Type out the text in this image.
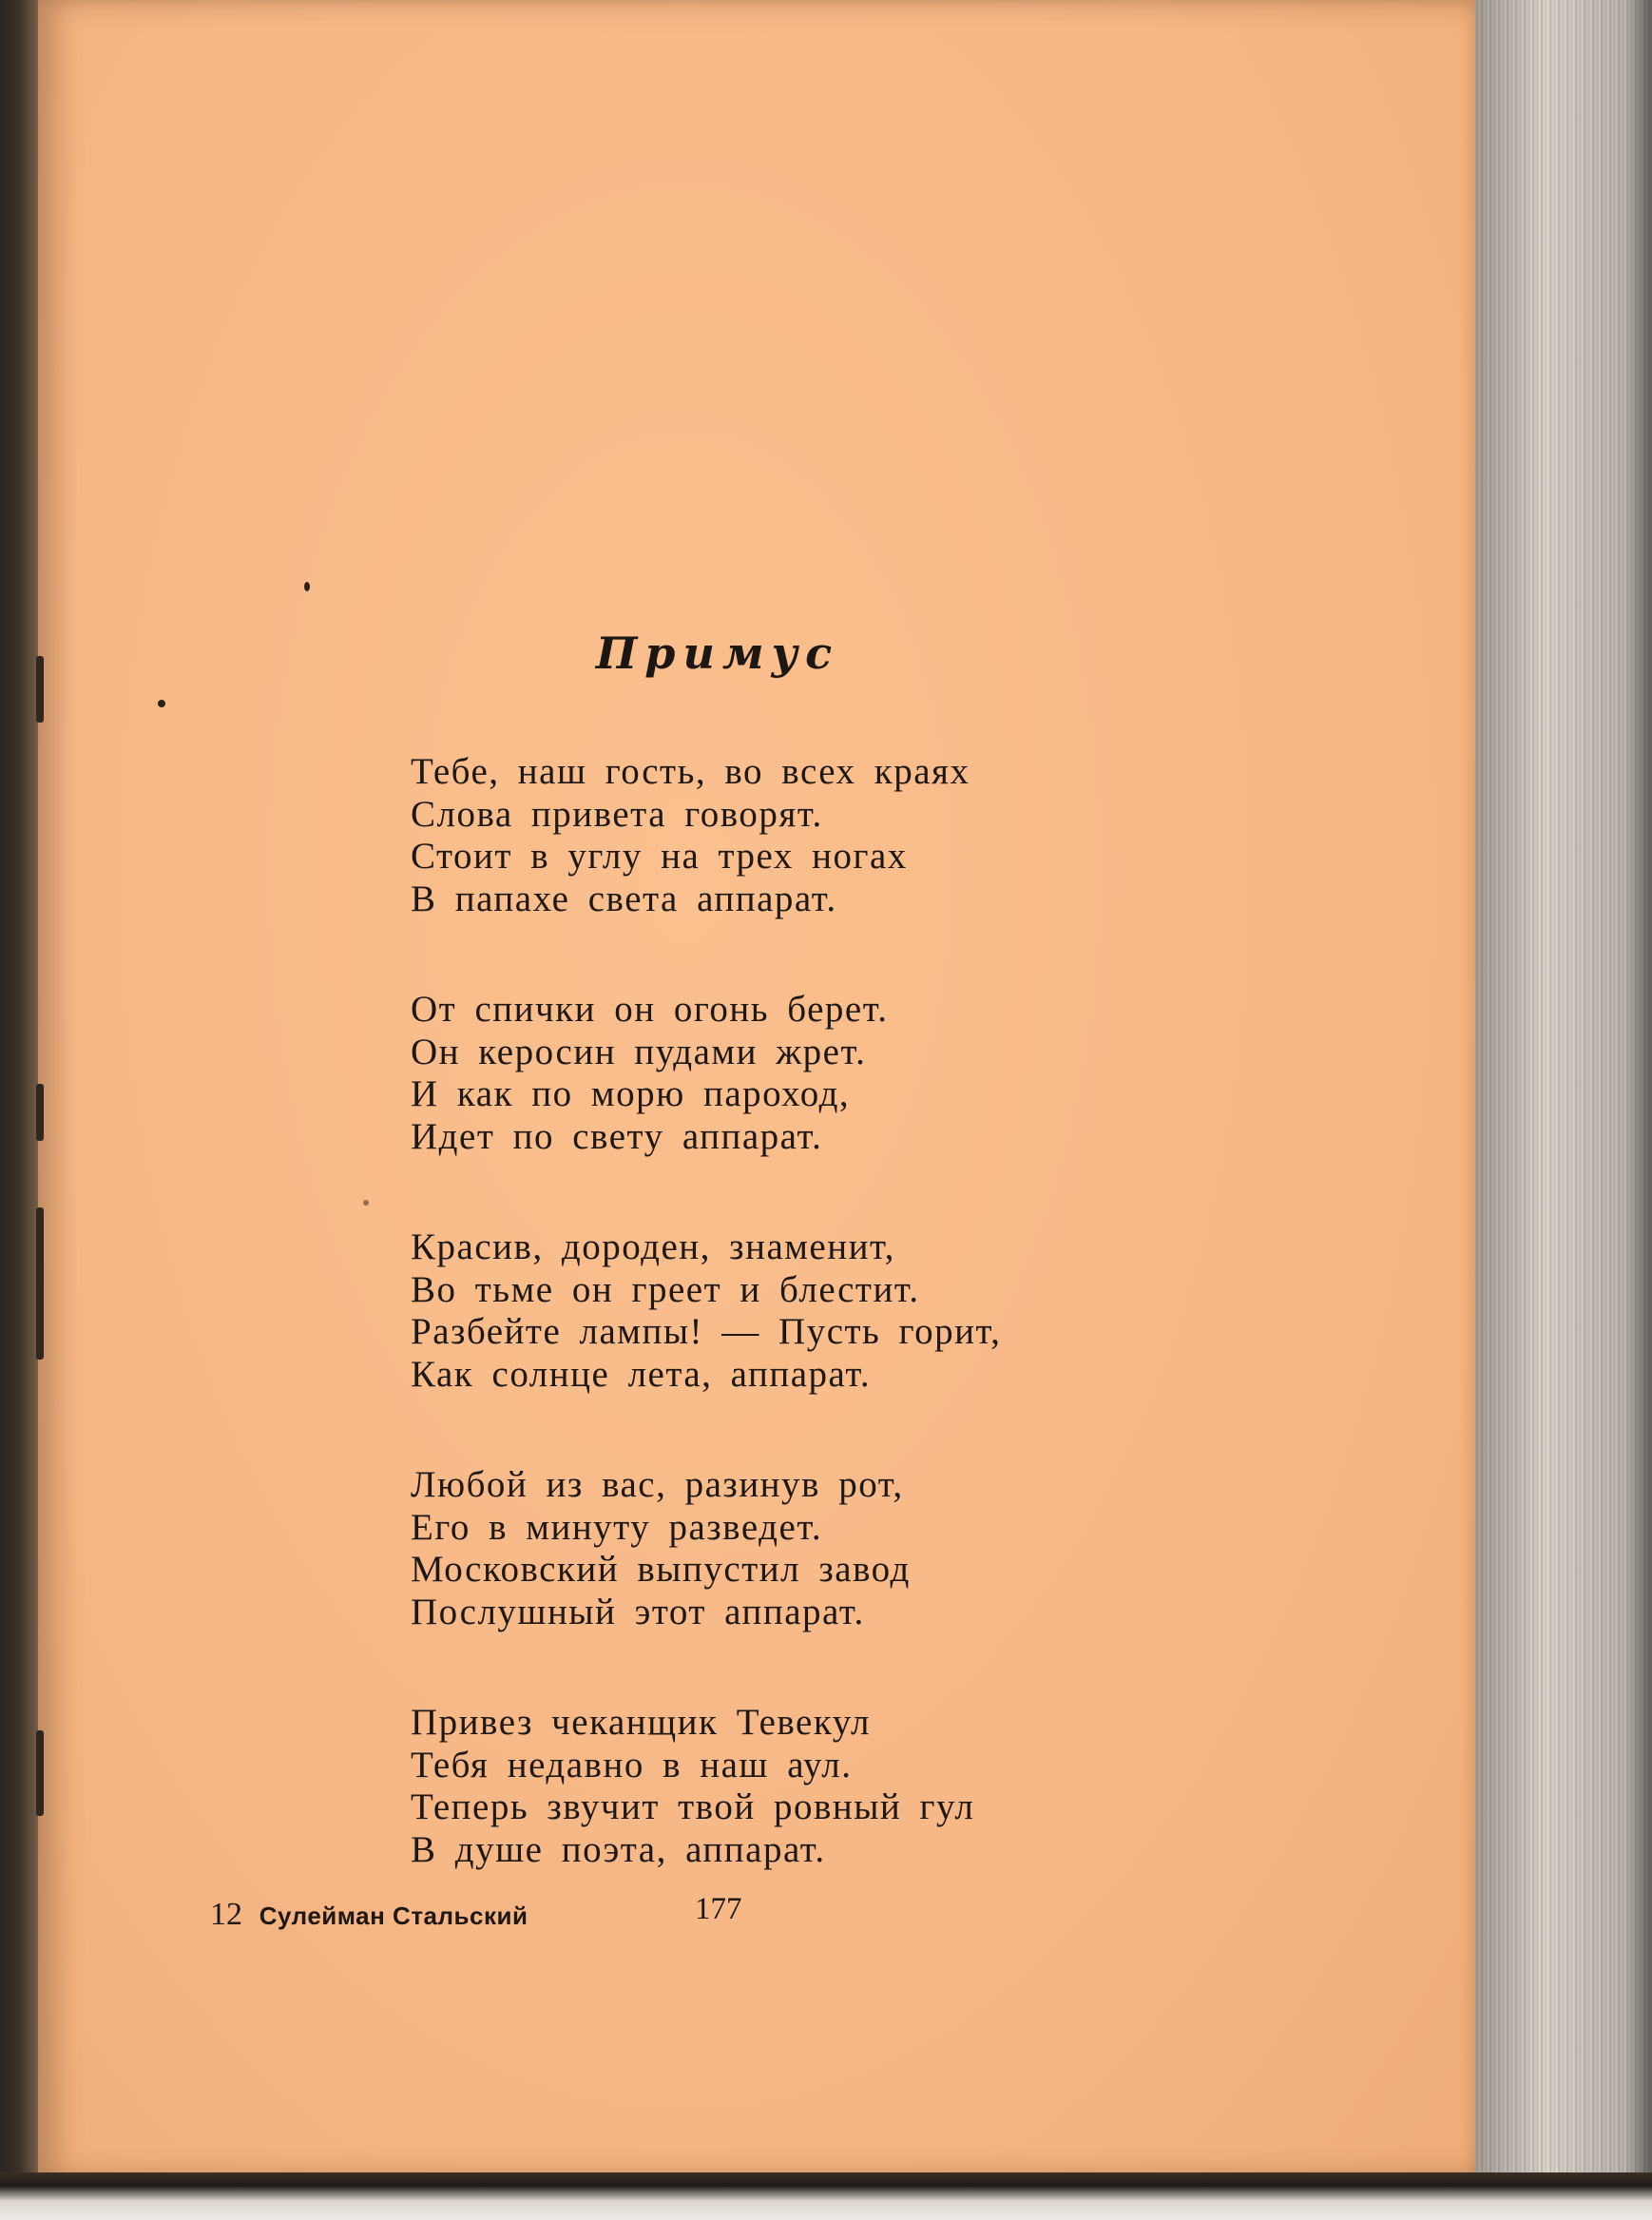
Примус
Тебе, наш гость, во всех краях
Слова привета говорят.
Стоит в углу на трех ногах
В папахе света аппарат.
От спички он огонь берет.
Он керосин пудами жрет.
И как по морю пароход,
Идет по свету аппарат.
Красив, дороден, знаменит,
Во тьме он греет и блестит.
Разбейте лампы! — Пусть горит,
Как солнце лета, аппарат.
Любой из вас, разинув рот,
Его в минуту разведет.
Московский выпустил завод
Послушный этот аппарат.
Привез чеканщик Тевекул
Тебя недавно в наш аул.
Теперь звучит твой ровный гул
В душе поэта, аппарат.
12 Сулейман Стальский	177
